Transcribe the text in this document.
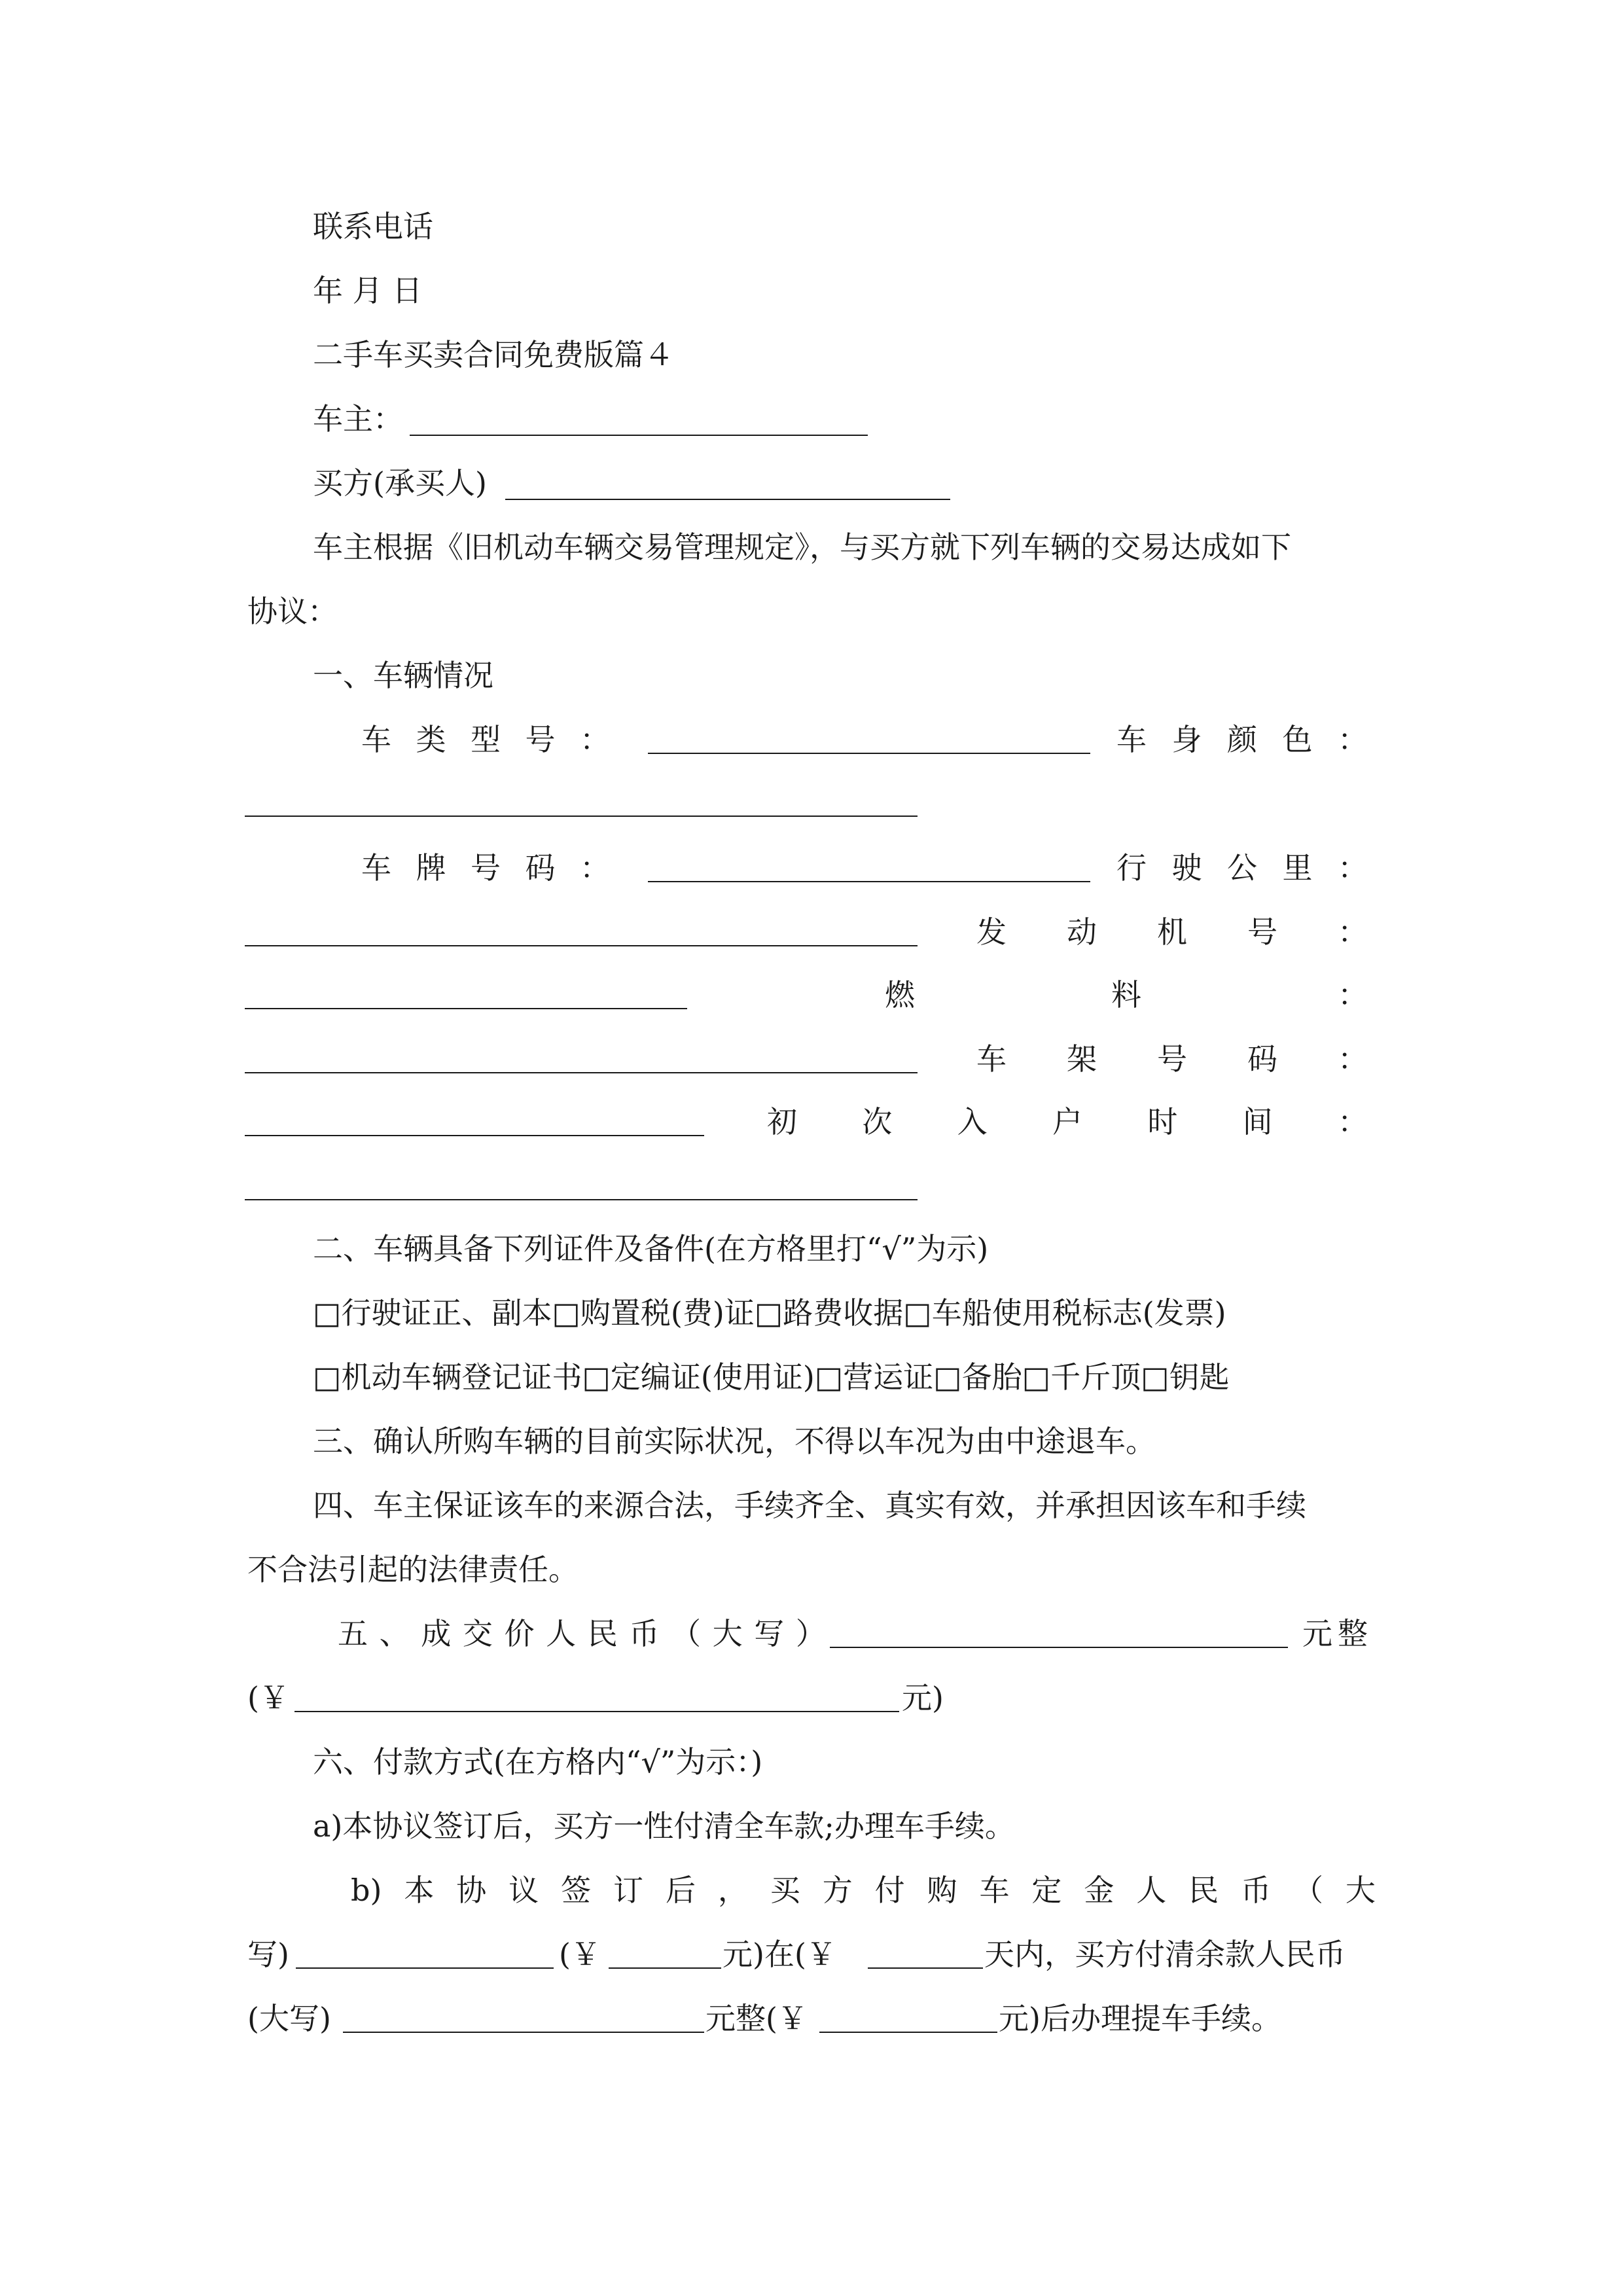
联系电话
年 月 日
二手车买卖合同免费版篇４
车主：
买方(承买人)
车主根据《旧机动车辆交易管理规定》，与买方就下列车辆的交易达成如下
协议：
一、车辆情况
车 类 型 号 ：	车 身 颜 色 ：
车 牌 号 码 ：	行 驶 公 里 ：
发 动 机 号 ：
燃	料	：
车 架 号 码 ：
初 次 入 户 时 间 ：
二、车辆具备下列证件及备件(在方格里打“√”为示)
□行驶证正、副本□购置税(费)证□路费收据□车船使用税标志(发票)
□机动车辆登记证书□定编证(使用证)□营运证□备胎□千斤顶□钥匙
三、确认所购车辆的目前实际状况，不得以车况为由中途退车。
四、车主保证该车的来源合法，手续齐全、真实有效，并承担因该车和手续
不合法引起的法律责任。
五 、 成 交 价 人 民 币 （ 大 写 ）	元整
(￥	元)
六、付款方式(在方格内“√”为示：)
a)本协议签订后，买方一性付清全车款;办理车手续。
b) 本 协 议 签 订 后 ， 买 方 付 购 车 定 金 人 民 币 （ 大
写)	(￥	元)在(￥	天内，买方付清余款人民币
(大写)	元整(￥	元)后办理提车手续。
